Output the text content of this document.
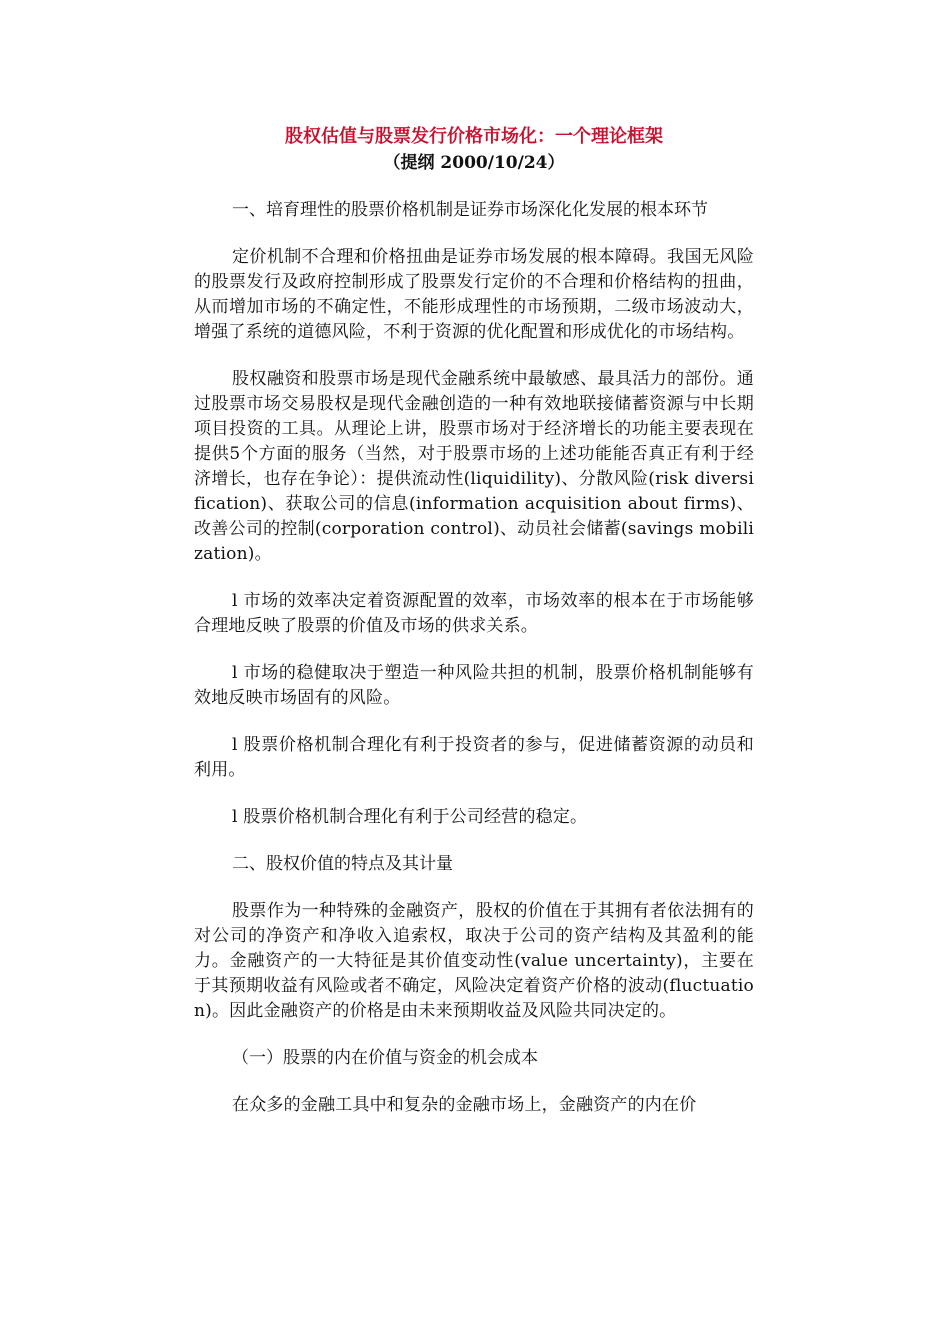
股权估值与股票发行价格市场化：一个理论框架

（提纲 2000/10/24）

一、培育理性的股票价格机制是证券市场深化化发展的根本环节

定价机制不合理和价格扭曲是证券市场发展的根本障碍。我国无风险的股票发行及政府控制形成了股票发行定价的不合理和价格结构的扭曲，从而增加市场的不确定性，不能形成理性的市场预期，二级市场波动大，增强了系统的道德风险，不利于资源的优化配置和形成优化的市场结构。

股权融资和股票市场是现代金融系统中最敏感、最具活力的部份。通过股票市场交易股权是现代金融创造的一种有效地联接储蓄资源与中长期项目投资的工具。从理论上讲，股票市场对于经济增长的功能主要表现在提供5个方面的服务（当然，对于股票市场的上述功能能否真正有利于经济增长，也存在争论）：提供流动性(liquidility)、分散风险(risk diversification)、获取公司的信息(information acquisition about firms)、改善公司的控制(corporation control)、动员社会储蓄(savings mobilization)。

l 市场的效率决定着资源配置的效率，市场效率的根本在于市场能够合理地反映了股票的价值及市场的供求关系。

l 市场的稳健取决于塑造一种风险共担的机制，股票价格机制能够有效地反映市场固有的风险。

l 股票价格机制合理化有利于投资者的参与，促进储蓄资源的动员和利用。

l 股票价格机制合理化有利于公司经营的稳定。

二、股权价值的特点及其计量

股票作为一种特殊的金融资产，股权的价值在于其拥有者依法拥有的对公司的净资产和净收入追索权，取决于公司的资产结构及其盈利的能力。金融资产的一大特征是其价值变动性(value uncertainty)，主要在于其预期收益有风险或者不确定，风险决定着资产价格的波动(fluctuation)。因此金融资产的价格是由未来预期收益及风险共同决定的。

（一）股票的内在价值与资金的机会成本

在众多的金融工具中和复杂的金融市场上，金融资产的内在价
